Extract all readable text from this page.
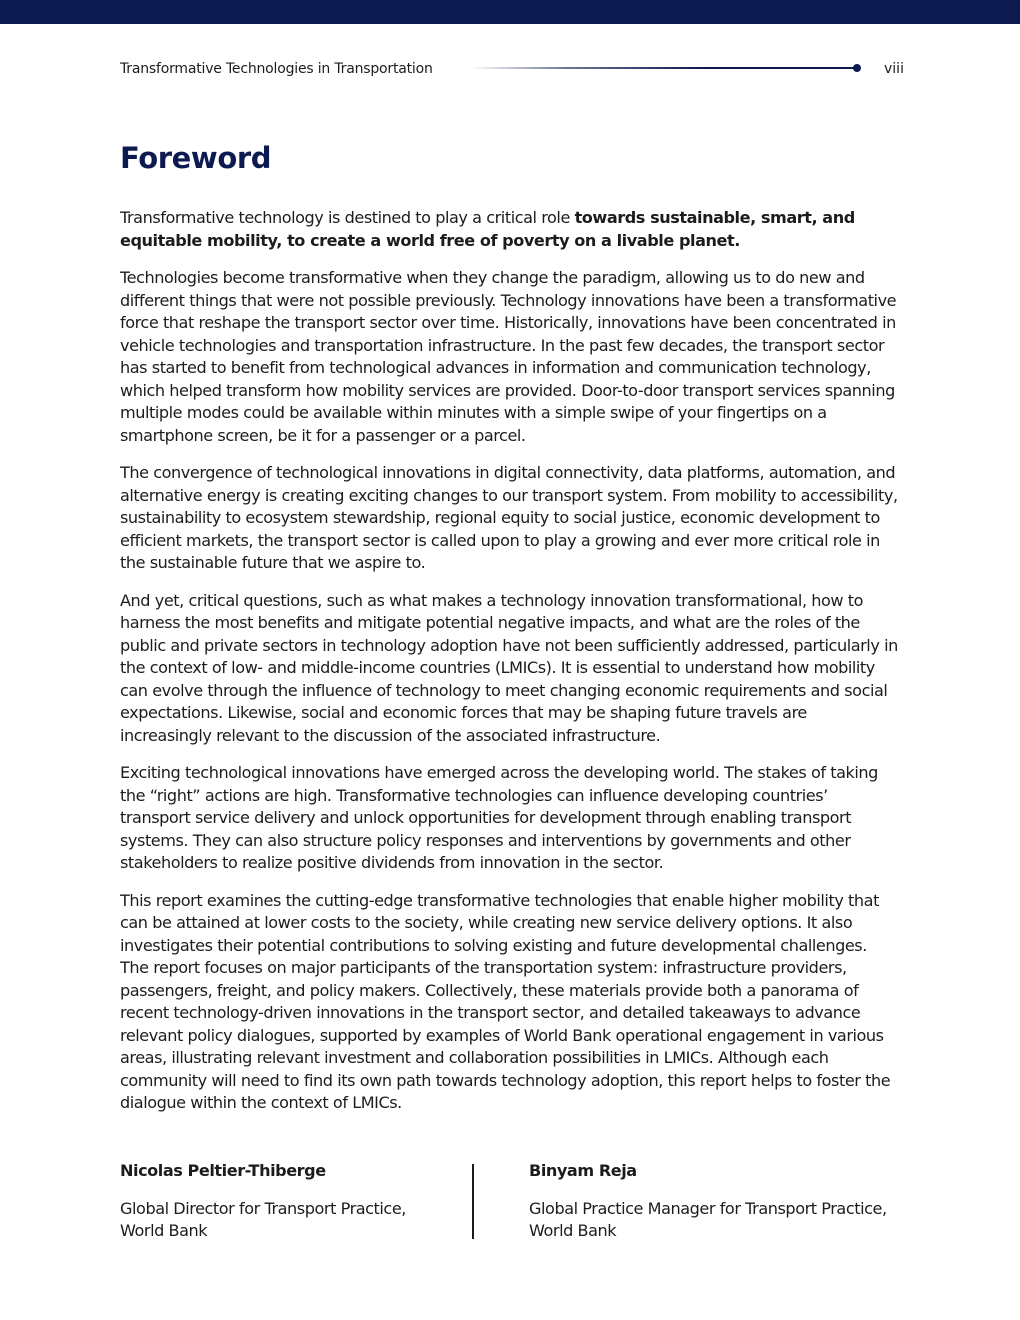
Transformative Technologies in Transportation	viii
Foreword

Transformative technology is destined to play a critical role towards sustainable, smart, and equitable mobility, to create a world free of poverty on a livable planet.

Technologies become transformative when they change the paradigm, allowing us to do new and different things that were not possible previously. Technology innovations have been a transformative force that reshape the transport sector over time. Historically, innovations have been concentrated in vehicle technologies and transportation infrastructure. In the past few decades, the transport sector has started to benefit from technological advances in information and communication technology, which helped transform how mobility services are provided. Door-to-door transport services spanning multiple modes could be available within minutes with a simple swipe of your fingertips on a smartphone screen, be it for a passenger or a parcel.

The convergence of technological innovations in digital connectivity, data platforms, automation, and alternative energy is creating exciting changes to our transport system. From mobility to accessibility, sustainability to ecosystem stewardship, regional equity to social justice, economic development to efficient markets, the transport sector is called upon to play a growing and ever more critical role in the sustainable future that we aspire to.

And yet, critical questions, such as what makes a technology innovation transformational, how to harness the most benefits and mitigate potential negative impacts, and what are the roles of the public and private sectors in technology adoption have not been sufficiently addressed, particularly in the context of low- and middle-income countries (LMICs). It is essential to understand how mobility can evolve through the influence of technology to meet changing economic requirements and social expectations. Likewise, social and economic forces that may be shaping future travels are increasingly relevant to the discussion of the associated infrastructure.

Exciting technological innovations have emerged across the developing world. The stakes of taking the “right” actions are high. Transformative technologies can influence developing countries’ transport service delivery and unlock opportunities for development through enabling transport systems. They can also structure policy responses and interventions by governments and other stakeholders to realize positive dividends from innovation in the sector.

This report examines the cutting-edge transformative technologies that enable higher mobility that can be attained at lower costs to the society, while creating new service delivery options. It also investigates their potential contributions to solving existing and future developmental challenges. The report focuses on major participants of the transportation system: infrastructure providers, passengers, freight, and policy makers. Collectively, these materials provide both a panorama of recent technology-driven innovations in the transport sector, and detailed takeaways to advance relevant policy dialogues, supported by examples of World Bank operational engagement in various areas, illustrating relevant investment and collaboration possibilities in LMICs. Although each community will need to find its own path towards technology adoption, this report helps to foster the dialogue within the context of LMICs.

Nicolas Peltier-Thiberge

Global Director for Transport Practice,

World Bank

Binyam Reja

Global Practice Manager for Transport Practice,

World Bank
